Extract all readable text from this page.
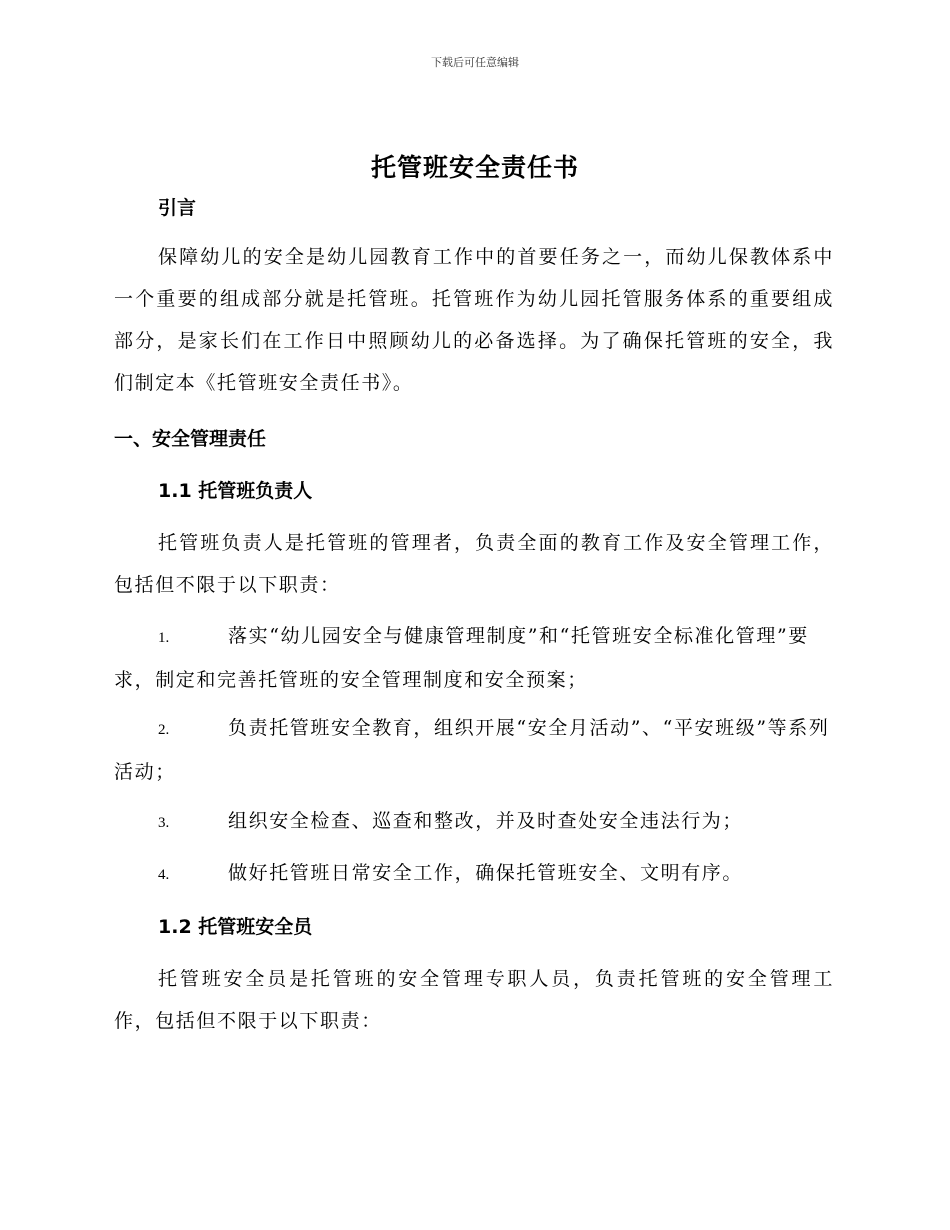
下载后可任意编辑
托管班安全责任书
引言
保障幼儿的安全是幼儿园教育工作中的首要任务之一，而幼儿保教体系中一个重要的组成部分就是托管班。托管班作为幼儿园托管服务体系的重要组成部分，是家长们在工作日中照顾幼儿的必备选择。为了确保托管班的安全，我们制定本《托管班安全责任书》。
一、安全管理责任
1.1 托管班负责人
托管班负责人是托管班的管理者，负责全面的教育工作及安全管理工作，包括但不限于以下职责：
1.	落实“幼儿园安全与健康管理制度”和“托管班安全标准化管理”要求，制定和完善托管班的安全管理制度和安全预案；
2.	负责托管班安全教育，组织开展“安全月活动”、“平安班级”等系列活动；
3.	组织安全检查、巡查和整改，并及时查处安全违法行为；
4.	做好托管班日常安全工作，确保托管班安全、文明有序。
1.2 托管班安全员
托管班安全员是托管班的安全管理专职人员，负责托管班的安全管理工作，包括但不限于以下职责：
